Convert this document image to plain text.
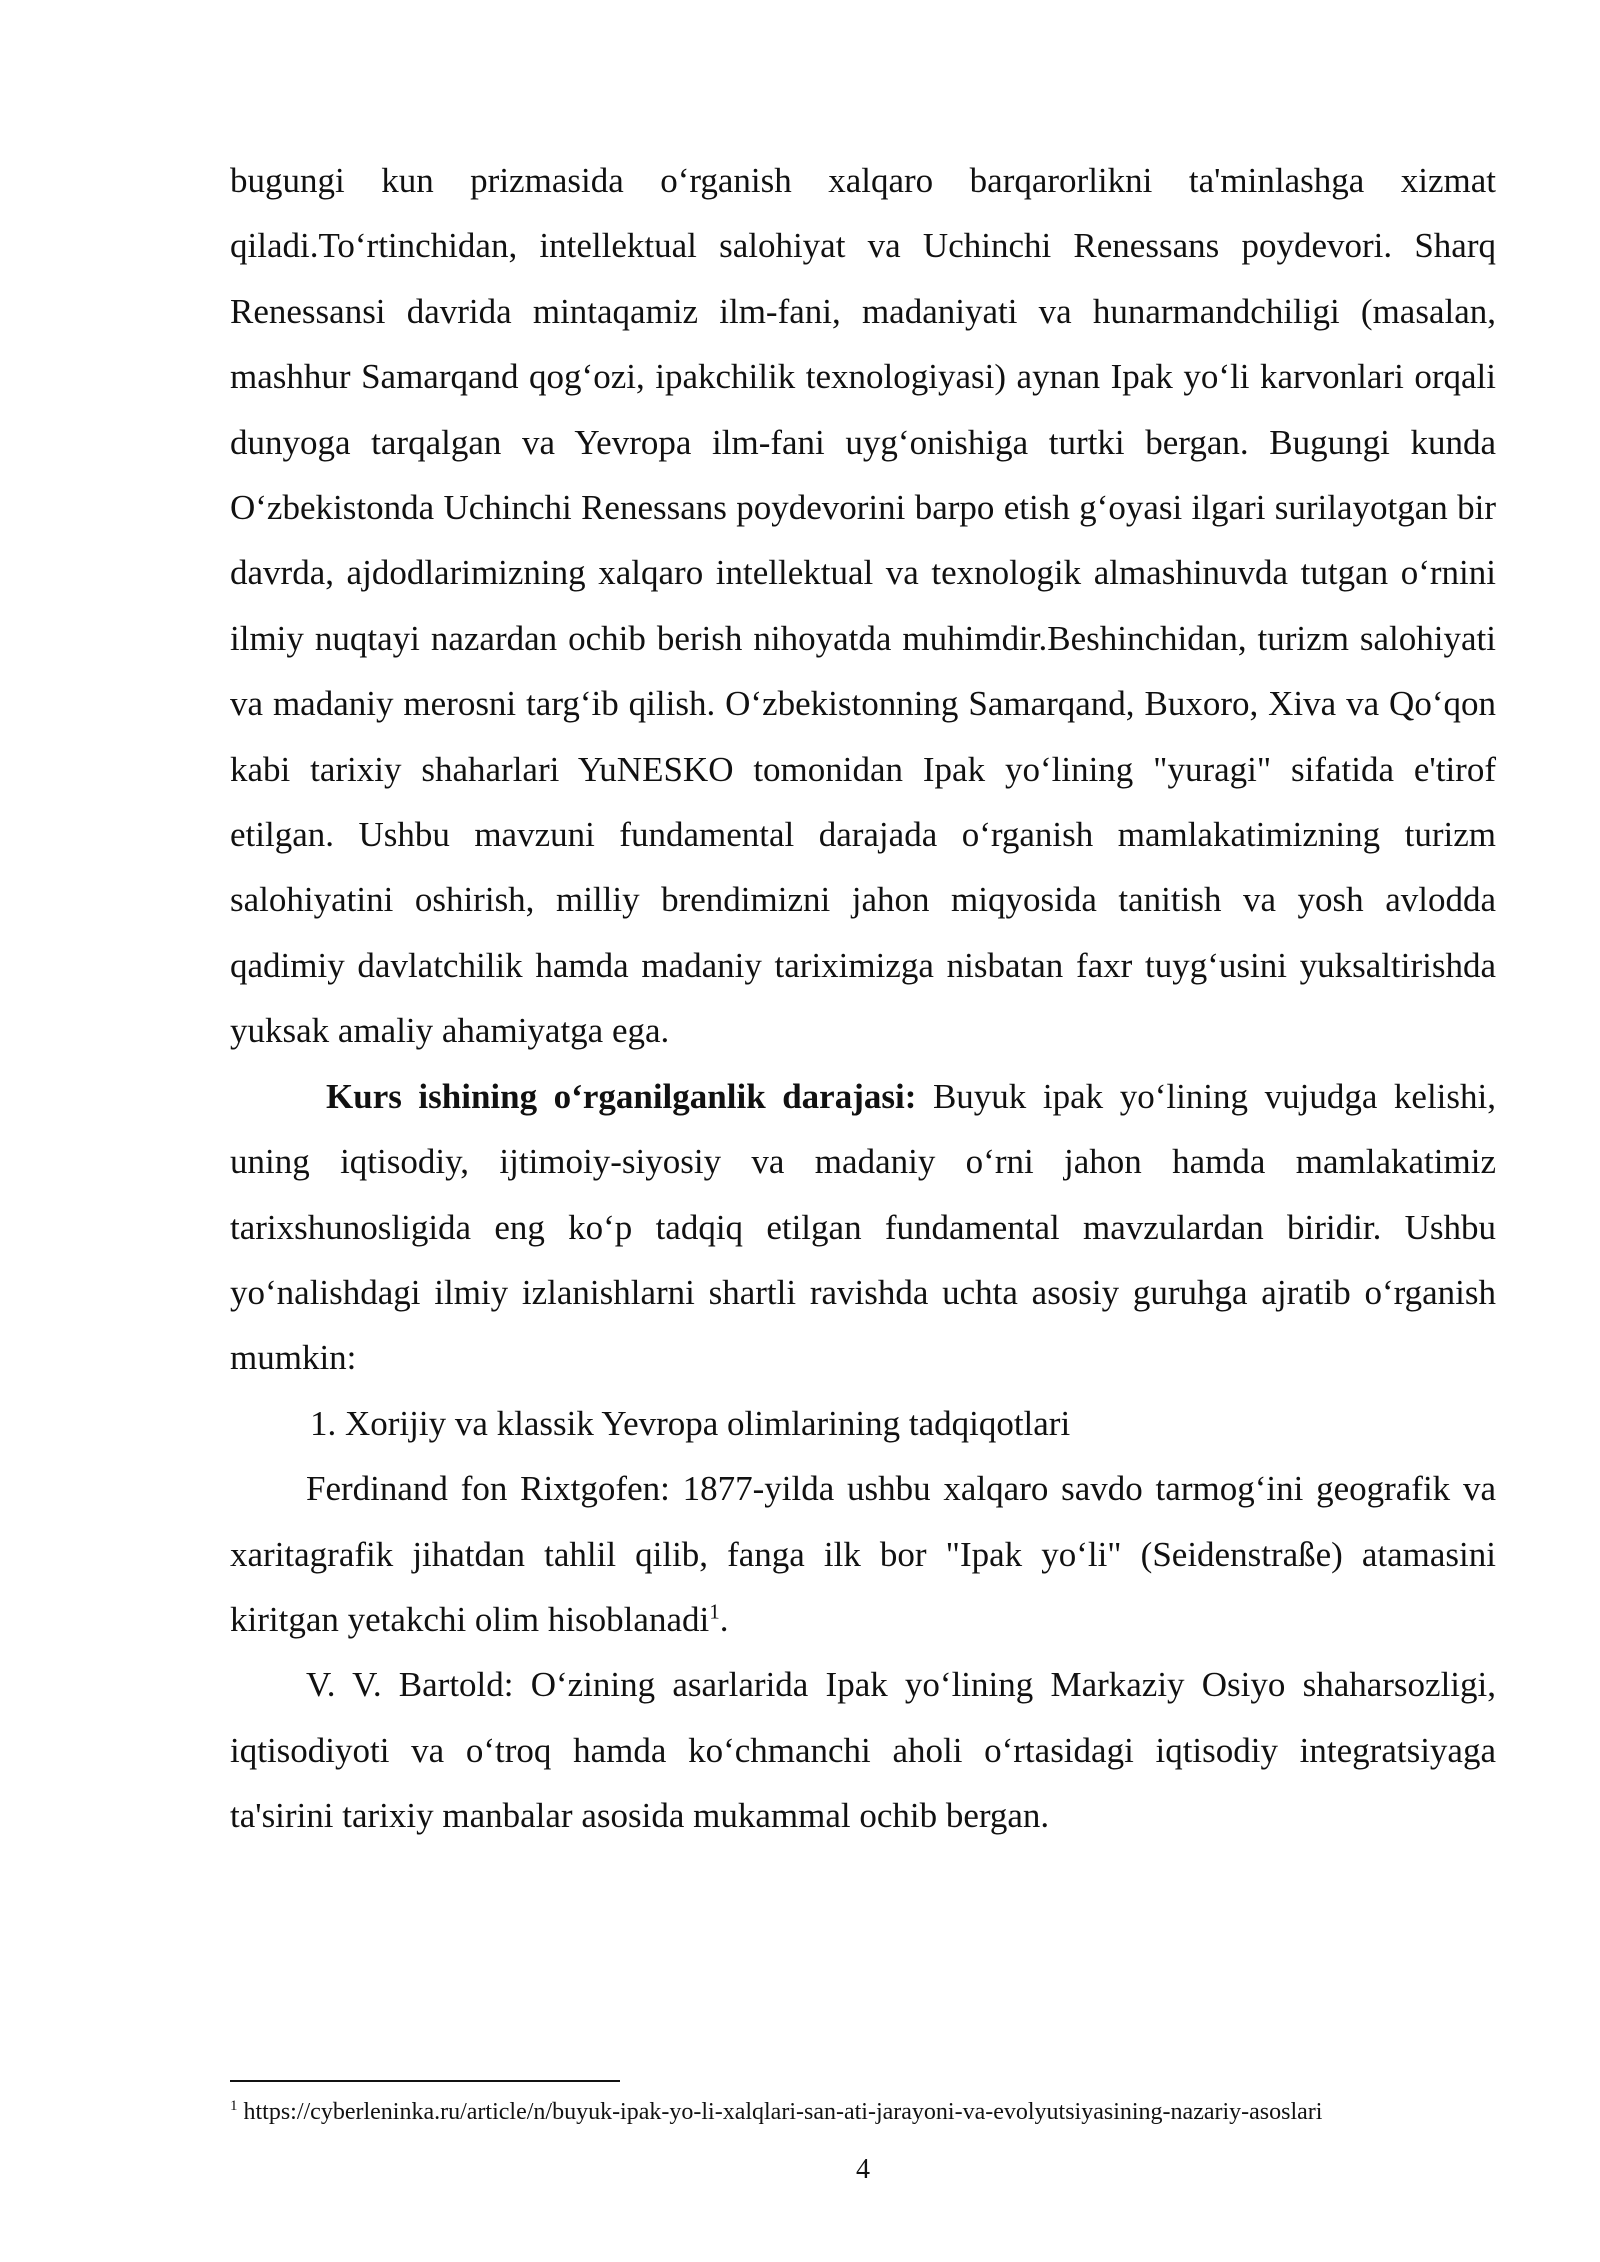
bugungi kun prizmasida o‘rganish xalqaro barqarorlikni ta'minlashga xizmat qiladi.To‘rtinchidan, intellektual salohiyat va Uchinchi Renessans poydevori. Sharq Renessansi davrida mintaqamiz ilm-fani, madaniyati va hunarmandchiligi (masalan, mashhur Samarqand qog‘ozi, ipakchilik texnologiyasi) aynan Ipak yo‘li karvonlari orqali dunyoga tarqalgan va Yevropa ilm-fani uyg‘onishiga turtki bergan. Bugungi kunda O‘zbekistonda Uchinchi Renessans poydevorini barpo etish g‘oyasi ilgari surilayotgan bir davrda, ajdodlarimizning xalqaro intellektual va texnologik almashinuvda tutgan o‘rnini ilmiy nuqtayi nazardan ochib berish nihoyatda muhimdir.Beshinchidan, turizm salohiyati va madaniy merosni targ‘ib qilish. O‘zbekistonning Samarqand, Buxoro, Xiva va Qo‘qon kabi tarixiy shaharlari YuNESKO tomonidan Ipak yo‘lining "yuragi" sifatida e'tirof etilgan. Ushbu mavzuni fundamental darajada o‘rganish mamlakatimizning turizm salohiyatini oshirish, milliy brendimizni jahon miqyosida tanitish va yosh avlodda qadimiy davlatchilik hamda madaniy tariximizga nisbatan faxr tuyg‘usini yuksaltirishda yuksak amaliy ahamiyatga ega.

Kurs ishining o‘rganilganlik darajasi: Buyuk ipak yo‘lining vujudga kelishi, uning iqtisodiy, ijtimoiy-siyosiy va madaniy o‘rni jahon hamda mamlakatimiz tarixshunosligida eng ko‘p tadqiq etilgan fundamental mavzulardan biridir. Ushbu yo‘nalishdagi ilmiy izlanishlarni shartli ravishda uchta asosiy guruhga ajratib o‘rganish mumkin:

1. Xorijiy va klassik Yevropa olimlarining tadqiqotlari

Ferdinand fon Rixtgofen: 1877-yilda ushbu xalqaro savdo tarmog‘ini geografik va xaritagrafik jihatdan tahlil qilib, fanga ilk bor "Ipak yo‘li" (Seidenstraße) atamasini kiritgan yetakchi olim hisoblanadi$^1$.

V. V. Bartold: O‘zining asarlarida Ipak yo‘lining Markaziy Osiyo shaharsozligi, iqtisodiyoti va o‘troq hamda ko‘chmanchi aholi o‘rtasidagi iqtisodiy integratsiyaga ta'sirini tarixiy manbalar asosida mukammal ochib bergan.

$^1$ https://cyberleninka.ru/article/n/buyuk-ipak-yo-li-xalqlari-san-ati-jarayoni-va-evolyutsiyasining-nazariy-asoslari
4
